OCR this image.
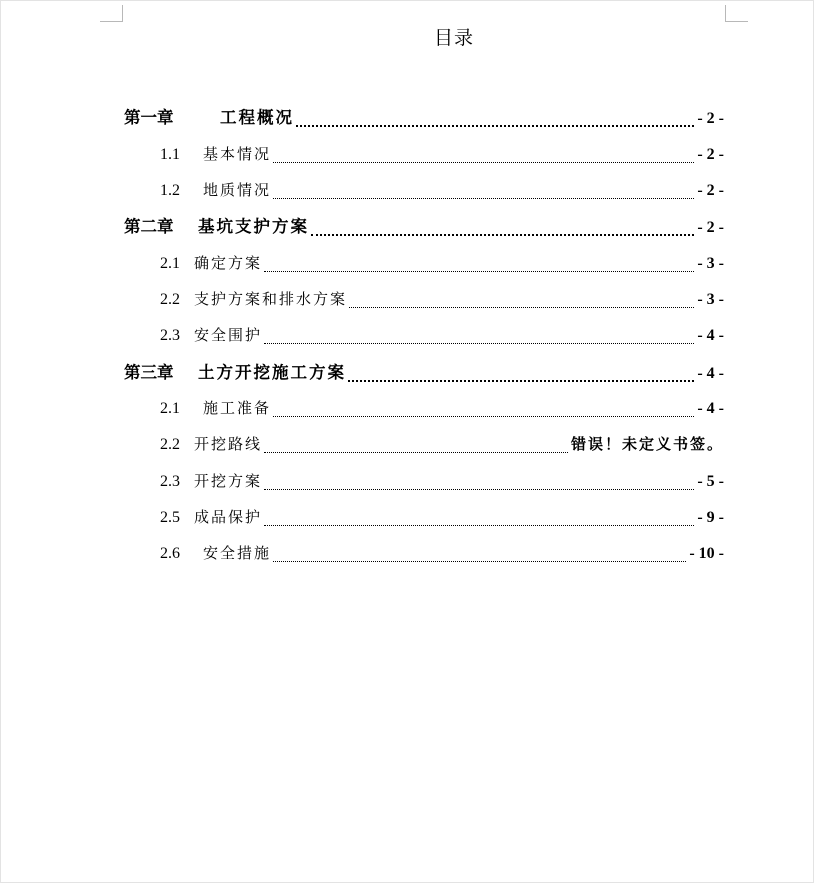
目录
第一章	工程概况	- 2 -
1.1	基本情况	- 2 -
1.2	地质情况	- 2 -
第二章	基坑支护方案	- 2 -
2.1 确定方案	- 3 -
2.2 支护方案和排水方案	- 3 -
2.3 安全围护	- 4 -
第三章	土方开挖施工方案	- 4 -
2.1	施工准备	- 4 -
2.2 开挖路线	错误！未定义书签。
2.3 开挖方案	- 5 -
2.5 成品保护	- 9 -
2.6	安全措施	- 10 -
